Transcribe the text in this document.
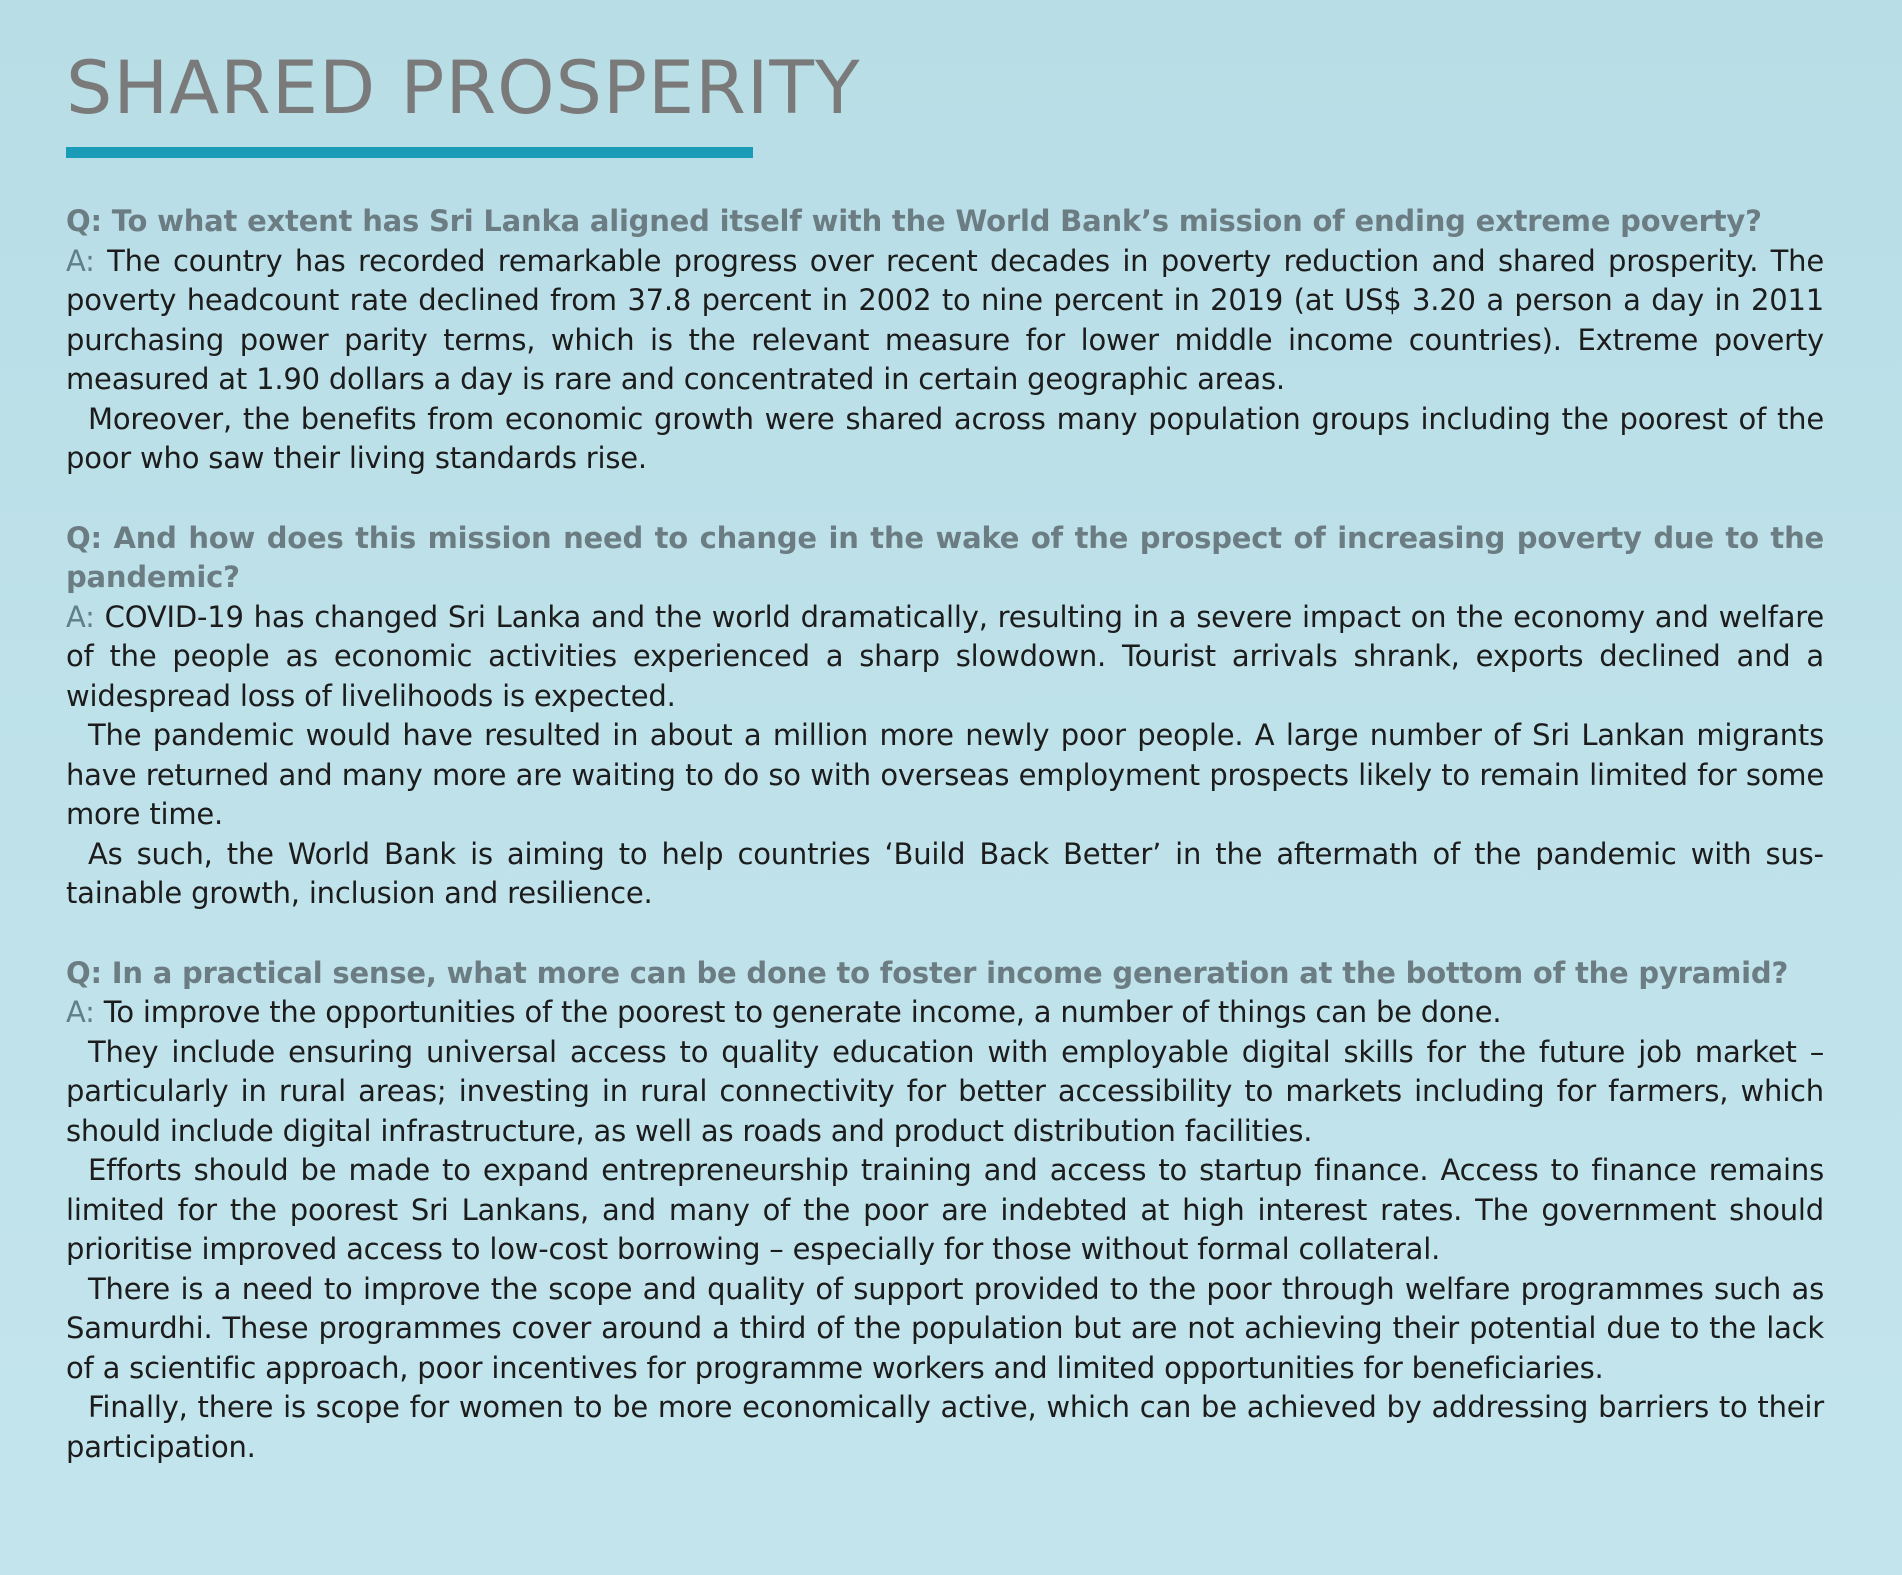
SHARED PROSPERITY

Q: To what extent has Sri Lanka aligned itself with the World Bank’s mission of ending extreme poverty?

A: The country has recorded remarkable progress over recent decades in poverty reduction and shared prosperity. The poverty headcount rate declined from 37.8 percent in 2002 to nine percent in 2019 (at US$ 3.20 a person a day in 2011 purchasing power parity terms, which is the relevant measure for lower middle income countries). Extreme poverty measured at 1.90 dollars a day is rare and concentrated in certain geographic areas.

Moreover, the benefits from economic growth were shared across many population groups including the poorest of the poor who saw their living standards rise.

Q: And how does this mission need to change in the wake of the prospect of increasing poverty due to the pandemic?

A: COVID-19 has changed Sri Lanka and the world dramatically, resulting in a severe impact on the economy and welfare of the people as economic activities experienced a sharp slowdown. Tourist arrivals shrank, exports declined and a widespread loss of livelihoods is expected.

The pandemic would have resulted in about a million more newly poor people. A large number of Sri Lankan migrants have returned and many more are waiting to do so with overseas employment prospects likely to remain limited for some more time.

As such, the World Bank is aiming to help countries ‘Build Back Better’ in the aftermath of the pandemic with sustainable growth, inclusion and resilience.

Q: In a practical sense, what more can be done to foster income generation at the bottom of the pyramid?

A: To improve the opportunities of the poorest to generate income, a number of things can be done.

They include ensuring universal access to quality education with employable digital skills for the future job market – particularly in rural areas; investing in rural connectivity for better accessibility to markets including for farmers, which should include digital infrastructure, as well as roads and product distribution facilities.

Efforts should be made to expand entrepreneurship training and access to startup finance. Access to finance remains limited for the poorest Sri Lankans, and many of the poor are indebted at high interest rates. The government should prioritise improved access to low-cost borrowing – especially for those without formal collateral.

There is a need to improve the scope and quality of support provided to the poor through welfare programmes such as Samurdhi. These programmes cover around a third of the population but are not achieving their potential due to the lack of a scientific approach, poor incentives for programme workers and limited opportunities for beneficiaries.

Finally, there is scope for women to be more economically active, which can be achieved by addressing barriers to their participation.
